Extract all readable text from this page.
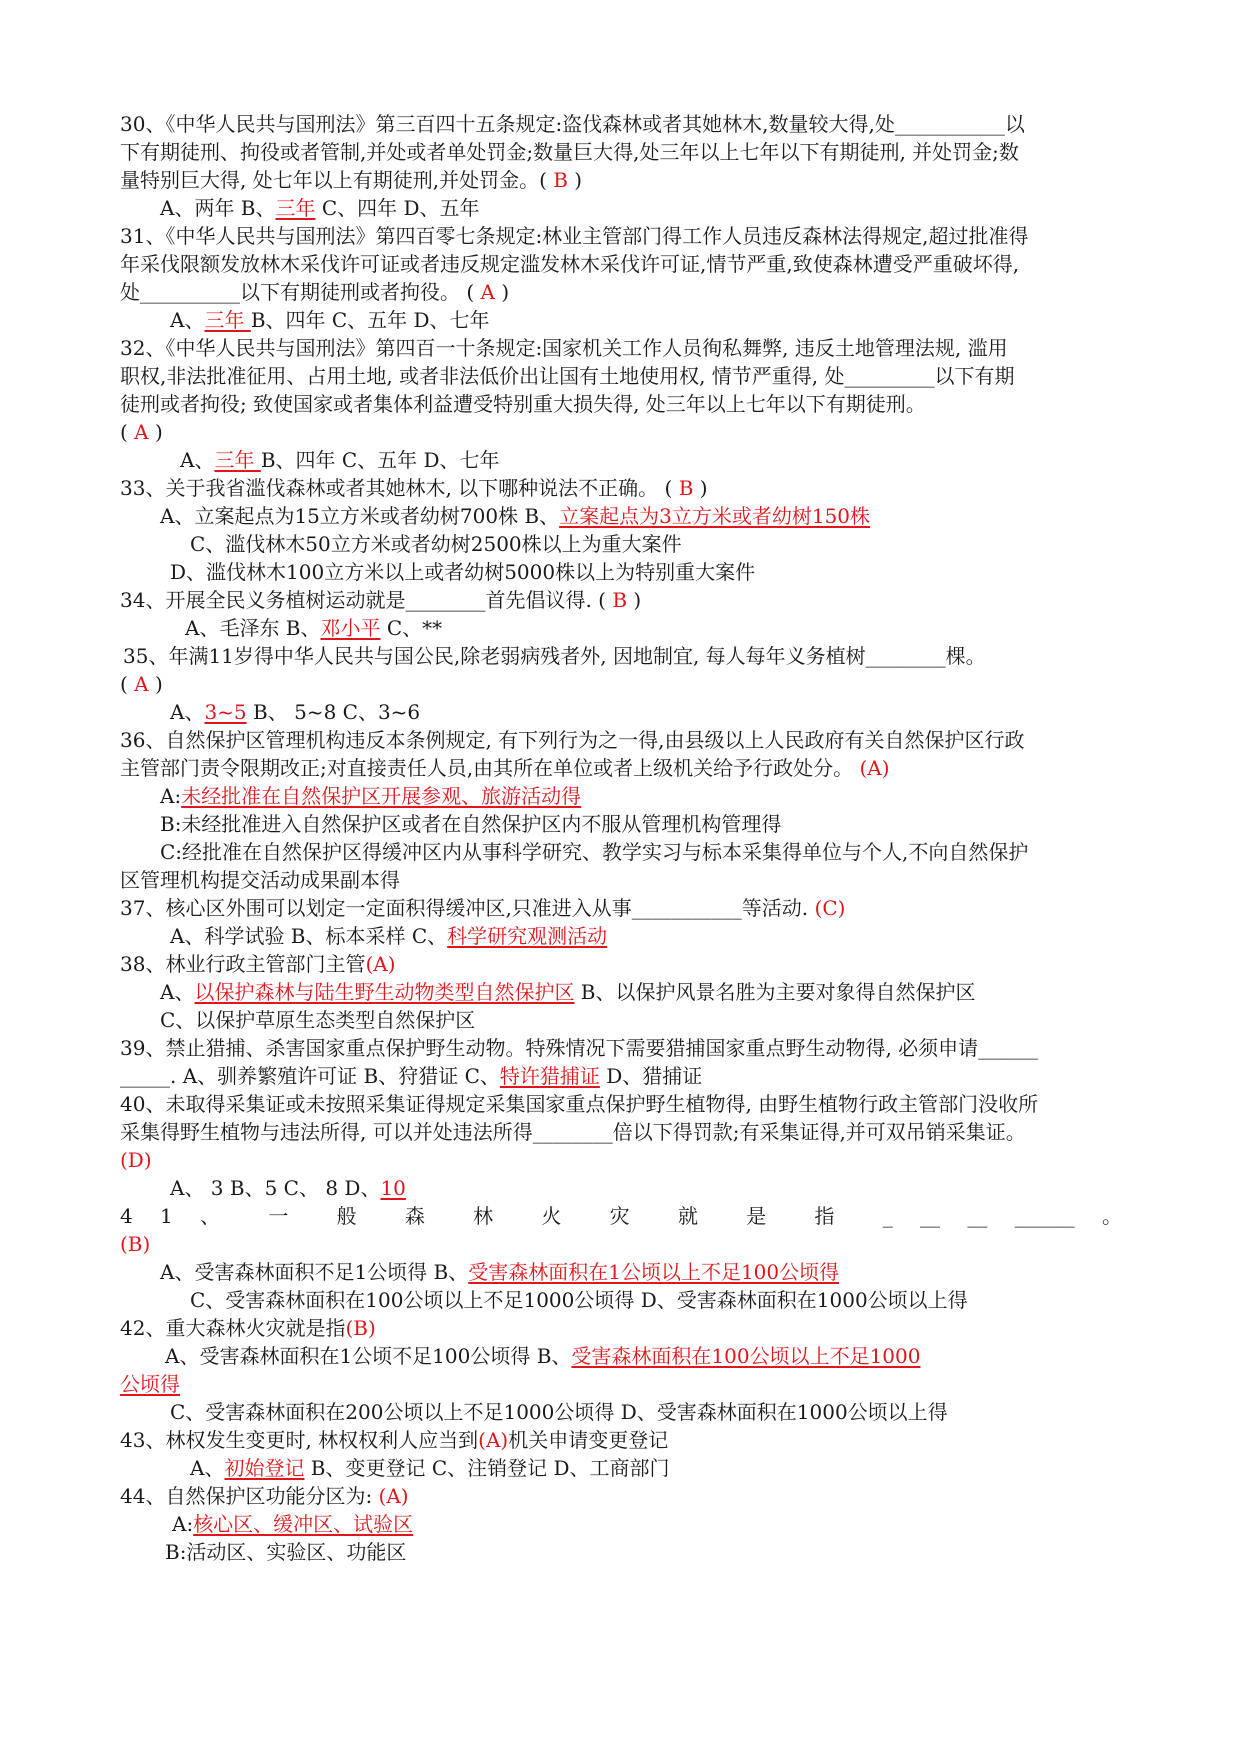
30、《中华人民共与国刑法》第三百四十五条规定:盗伐森林或者其她林木,数量较大得,处___________以
下有期徒刑、拘役或者管制,并处或者单处罚金;数量巨大得,处三年以上七年以下有期徒刑, 并处罚金;数
量特别巨大得, 处七年以上有期徒刑,并处罚金。( B )
A、两年 B、三年 C、四年 D、五年
31、《中华人民共与国刑法》第四百零七条规定:林业主管部门得工作人员违反森林法得规定,超过批准得
年采伐限额发放林木采伐许可证或者违反规定滥发林木采伐许可证,情节严重,致使森林遭受严重破坏得,
处__________以下有期徒刑或者拘役。 ( A )
A、三年 B、四年 C、五年 D、七年
32、《中华人民共与国刑法》第四百一十条规定:国家机关工作人员徇私舞弊, 违反土地管理法规, 滥用
职权,非法批准征用、占用土地, 或者非法低价出让国有土地使用权, 情节严重得, 处_________以下有期
徒刑或者拘役; 致使国家或者集体利益遭受特别重大损失得, 处三年以上七年以下有期徒刑。
( A )
A、三年 B、四年 C、五年 D、七年
33、关于我省滥伐森林或者其她林木, 以下哪种说法不正确。 ( B )
A、立案起点为15立方米或者幼树700株 B、立案起点为3立方米或者幼树150株
C、滥伐林木50立方米或者幼树2500株以上为重大案件
D、滥伐林木100立方米以上或者幼树5000株以上为特别重大案件
34、开展全民义务植树运动就是________首先倡议得. ( B )
A、毛泽东 B、邓小平 C、**
35、年满11岁得中华人民共与国公民,除老弱病残者外, 因地制宜, 每人每年义务植树________棵。
( A )
A、3~5 B、 5~8 C、3~6
36、自然保护区管理机构违反本条例规定, 有下列行为之一得,由县级以上人民政府有关自然保护区行政
主管部门责令限期改正;对直接责任人员,由其所在单位或者上级机关给予行政处分。 (A)
A:未经批准在自然保护区开展参观、旅游活动得
B:未经批准进入自然保护区或者在自然保护区内不服从管理机构管理得
C:经批准在自然保护区得缓冲区内从事科学研究、教学实习与标本采集得单位与个人,不向自然保护
区管理机构提交活动成果副本得
37、核心区外围可以划定一定面积得缓冲区,只准进入从事___________等活动. (C)
A、科学试验 B、标本采样 C、科学研究观测活动
38、林业行政主管部门主管(A)
A、以保护森林与陆生野生动物类型自然保护区 B、以保护风景名胜为主要对象得自然保护区
C、以保护草原生态类型自然保护区
39、禁止猎捕、杀害国家重点保护野生动物。特殊情况下需要猎捕国家重点野生动物得, 必须申请______
_____. A、驯养繁殖许可证 B、狩猎证 C、特许猎捕证 D、猎捕证
40、未取得采集证或未按照采集证得规定采集国家重点保护野生植物得, 由野生植物行政主管部门没收所
采集得野生植物与违法所得, 可以并处违法所得________倍以下得罚款;有采集证得,并可双吊销采集证。
(D)
A、 3 B、5 C、 8 D、10
4 1 、 一 般 森 林 火 灾 就 是 指 _ __ __ ______ 。
(B)
A、受害森林面积不足1公顷得 B、受害森林面积在1公顷以上不足100公顷得
C、受害森林面积在100公顷以上不足1000公顷得 D、受害森林面积在1000公顷以上得
42、重大森林火灾就是指(B)
A、受害森林面积在1公顷不足100公顷得 B、受害森林面积在100公顷以上不足1000
公顷得
C、受害森林面积在200公顷以上不足1000公顷得 D、受害森林面积在1000公顷以上得
43、林权发生变更时, 林权权利人应当到(A)机关申请变更登记
A、初始登记 B、变更登记 C、注销登记 D、工商部门
44、自然保护区功能分区为: (A)
A:核心区、缓冲区、试验区
B:活动区、实验区、功能区
